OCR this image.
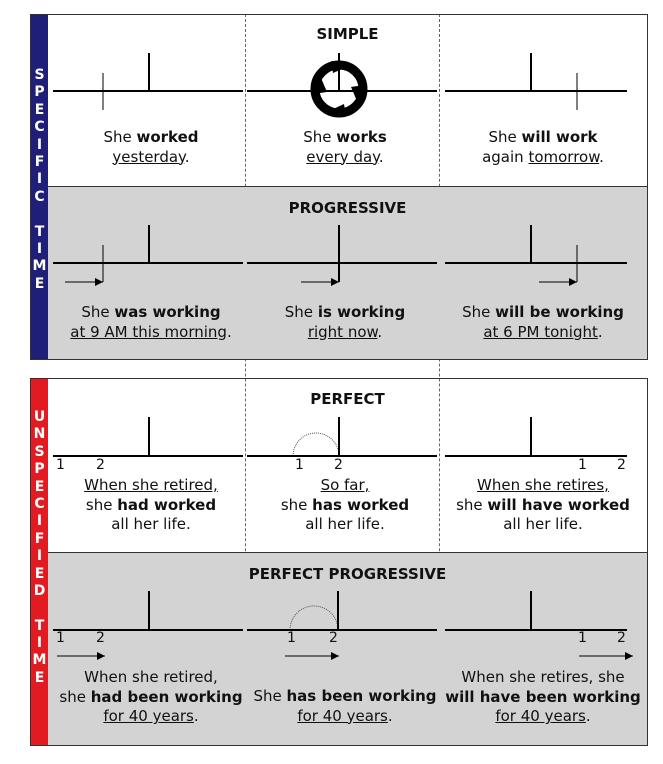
S
P
E
C
I
F
I
C
T
I
M
E
SIMPLE
She worked
yesterday.
She works
every day.
She will work
again tomorrow.
PROGRESSIVE
She was working
at 9 AM this morning.
She is working
right now.
She will be working
at 6 PM tonight.
U
N
S
P
E
C
I
F
I
E
D
T
I
M
E
PERFECT
1 2
When she retired,
she had worked
all her life.
1 2
So far,
she has worked
all her life.
1 2
When she retires,
she will have worked
all her life.
PERFECT PROGRESSIVE
1 2
When she retired,
she had been working
for 40 years.
1 2
She has been working
for 40 years.
1 2
When she retires, she
will have been working
for 40 years.
